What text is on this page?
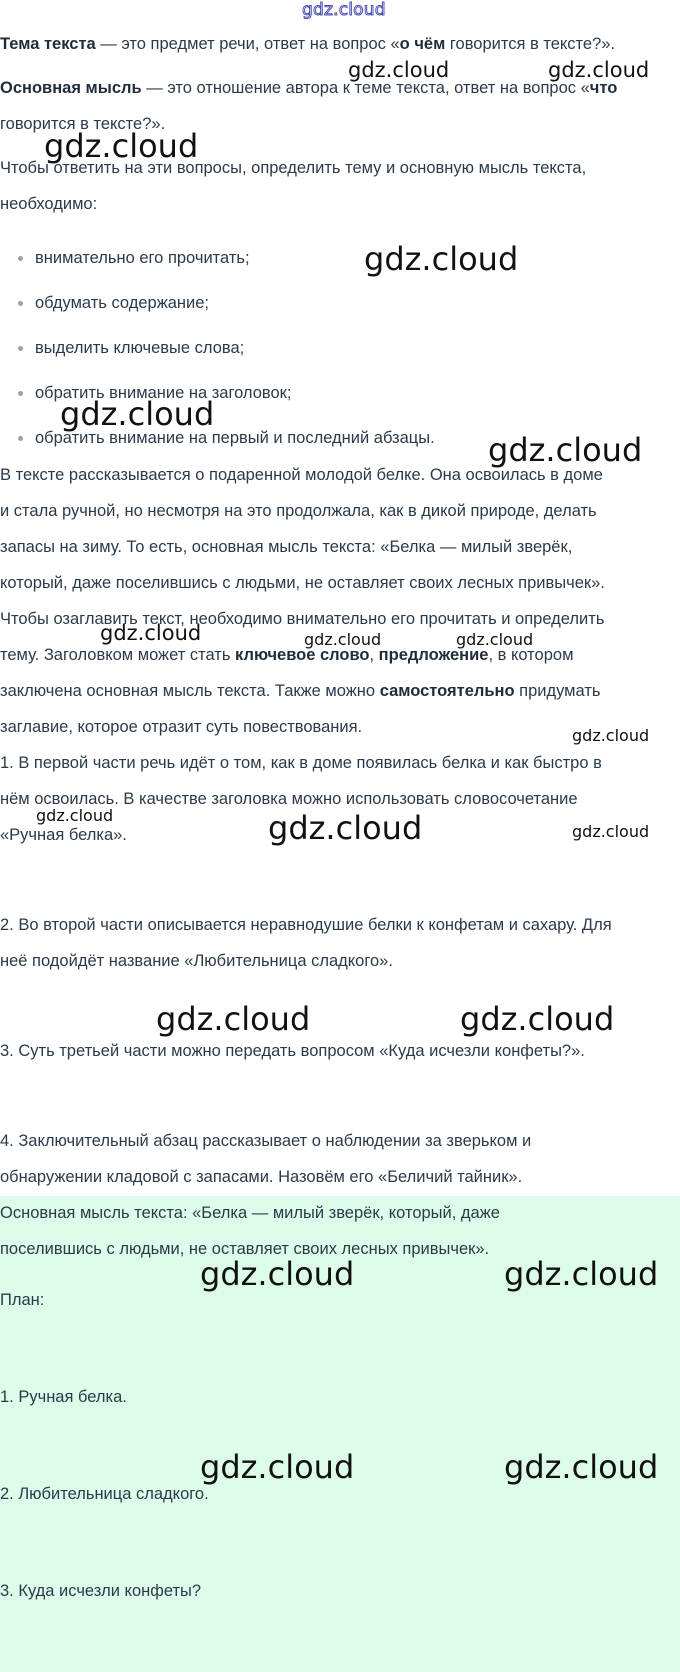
Тема текста — это предмет речи, ответ на вопрос «о чём говорится в тексте?».
Основная мысль — это отношение автора к теме текста, ответ на вопрос «что
говорится в тексте?».
Чтобы ответить на эти вопросы, определить тему и основную мысль текста,
необходимо:
внимательно его прочитать;
обдумать содержание;
выделить ключевые слова;
обратить внимание на заголовок;
обратить внимание на первый и последний абзацы.
В тексте рассказывается о подаренной молодой белке. Она освоилась в доме
и стала ручной, но несмотря на это продолжала, как в дикой природе, делать
запасы на зиму. То есть, основная мысль текста: «Белка — милый зверёк,
который, даже поселившись с людьми, не оставляет своих лесных привычек».
Чтобы озаглавить текст, необходимо внимательно его прочитать и определить
тему. Заголовком может стать ключевое слово, предложение, в котором
заключена основная мысль текста. Также можно самостоятельно придумать
заглавие, которое отразит суть повествования.
1. В первой части речь идёт о том, как в доме появилась белка и как быстро в
нём освоилась. В качестве заголовка можно использовать словосочетание
«Ручная белка».
2. Во второй части описывается неравнодушие белки к конфетам и сахару. Для
неё подойдёт название «Любительница сладкого».
3. Суть третьей части можно передать вопросом «Куда исчезли конфеты?».
4. Заключительный абзац рассказывает о наблюдении за зверьком и
обнаружении кладовой с запасами. Назовём его «Беличий тайник».
Основная мысль текста: «Белка — милый зверёк, который, даже
поселившись с людьми, не оставляет своих лесных привычек».
План:
1. Ручная белка.
2. Любительница сладкого.
3. Куда исчезли конфеты?
gdz.cloud
gdz.cloud	gdz.cloud
gdz.cloud
gdz.cloud
gdz.cloud
gdz.cloud
gdz.cloud	gdz.cloud	gdz.cloud
gdz.cloud
gdz.cloud	gdz.cloud	gdz.cloud
gdz.cloud	gdz.cloud
gdz.cloud	gdz.cloud
gdz.cloud	gdz.cloud
